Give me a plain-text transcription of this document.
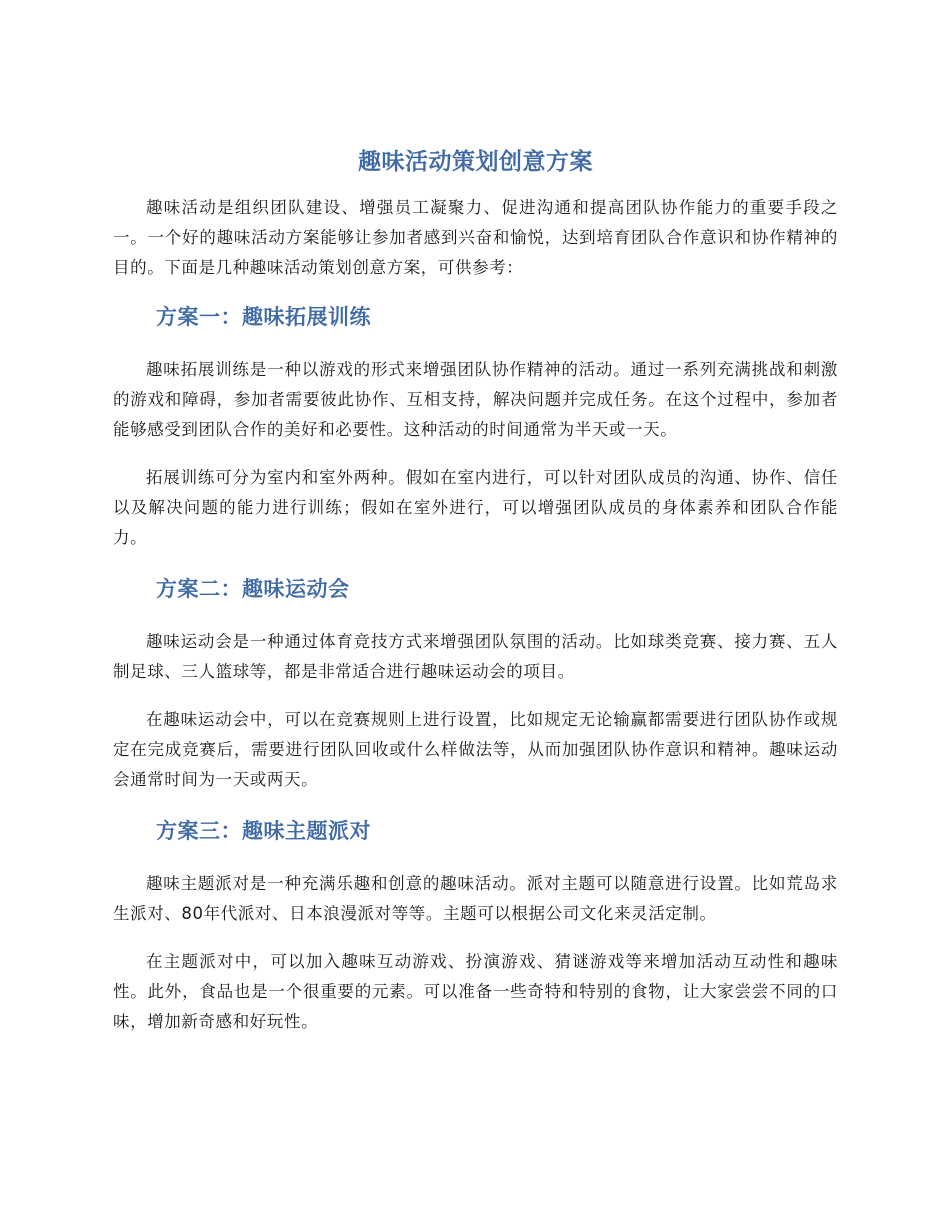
趣味活动策划创意方案

趣味活动是组织团队建设、增强员工凝聚力、促进沟通和提高团队协作能力的重要手段之一。一个好的趣味活动方案能够让参加者感到兴奋和愉悦，达到培育团队合作意识和协作精神的目的。下面是几种趣味活动策划创意方案，可供参考：

方案一：趣味拓展训练

趣味拓展训练是一种以游戏的形式来增强团队协作精神的活动。通过一系列充满挑战和刺激的游戏和障碍，参加者需要彼此协作、互相支持，解决问题并完成任务。在这个过程中，参加者能够感受到团队合作的美好和必要性。这种活动的时间通常为半天或一天。

拓展训练可分为室内和室外两种。假如在室内进行，可以针对团队成员的沟通、协作、信任以及解决问题的能力进行训练；假如在室外进行，可以增强团队成员的身体素养和团队合作能力。

方案二：趣味运动会

趣味运动会是一种通过体育竞技方式来增强团队氛围的活动。比如球类竞赛、接力赛、五人制足球、三人篮球等，都是非常适合进行趣味运动会的项目。

在趣味运动会中，可以在竞赛规则上进行设置，比如规定无论输赢都需要进行团队协作或规定在完成竞赛后，需要进行团队回收或什么样做法等，从而加强团队协作意识和精神。趣味运动会通常时间为一天或两天。

方案三：趣味主题派对

趣味主题派对是一种充满乐趣和创意的趣味活动。派对主题可以随意进行设置。比如荒岛求生派对、80年代派对、日本浪漫派对等等。主题可以根据公司文化来灵活定制。

在主题派对中，可以加入趣味互动游戏、扮演游戏、猜谜游戏等来增加活动互动性和趣味性。此外，食品也是一个很重要的元素。可以准备一些奇特和特别的食物，让大家尝尝不同的口味，增加新奇感和好玩性。
